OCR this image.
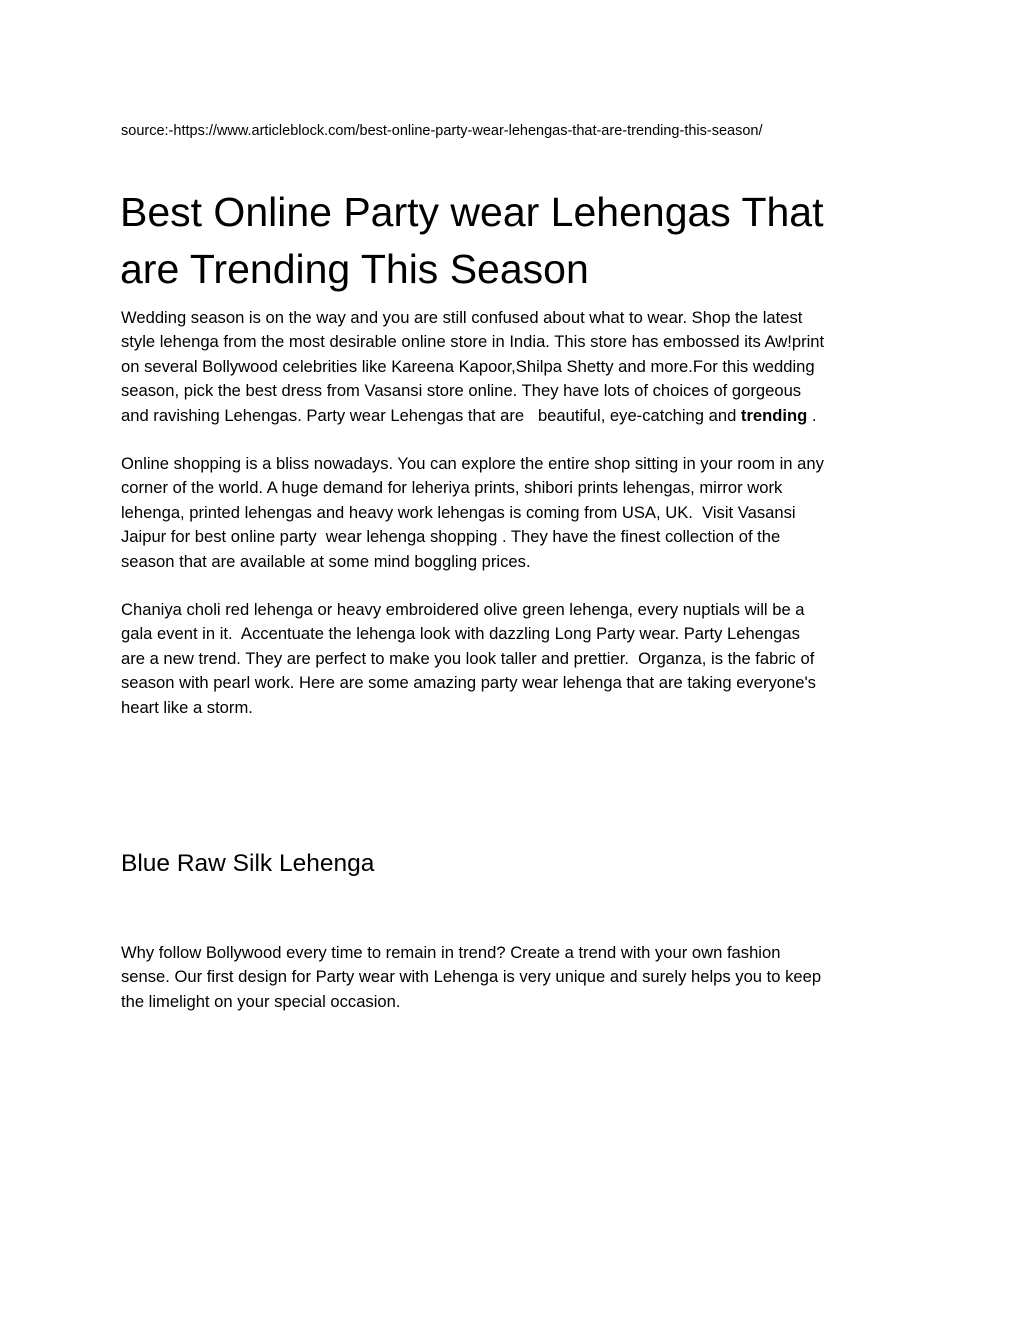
source:-https://www.articleblock.com/best-online-party-wear-lehengas-that-are-trending-this-season/
Best Online Party wear Lehengas That
are Trending This Season

Wedding season is on the way and you are still confused about what to wear. Shop the latest
style lehenga from the most desirable online store in India. This store has embossed its Aw!print
on several Bollywood celebrities like Kareena Kapoor,Shilpa Shetty and more.For this wedding
season, pick the best dress from Vasansi store online. They have lots of choices of gorgeous
and ravishing Lehengas. Party wear Lehengas that are   beautiful, eye-catching and trending .

Online shopping is a bliss nowadays. You can explore the entire shop sitting in your room in any
corner of the world. A huge demand for leheriya prints, shibori prints lehengas, mirror work
lehenga, printed lehengas and heavy work lehengas is coming from USA, UK.  Visit Vasansi
Jaipur for best online party  wear lehenga shopping . They have the finest collection of the
season that are available at some mind boggling prices.

Chaniya choli red lehenga or heavy embroidered olive green lehenga, every nuptials will be a
gala event in it.  Accentuate the lehenga look with dazzling Long Party wear. Party Lehengas
are a new trend. They are perfect to make you look taller and prettier.  Organza, is the fabric of
season with pearl work. Here are some amazing party wear lehenga that are taking everyone's
heart like a storm.

Blue Raw Silk Lehenga

Why follow Bollywood every time to remain in trend? Create a trend with your own fashion
sense. Our first design for Party wear with Lehenga is very unique and surely helps you to keep
the limelight on your special occasion.
